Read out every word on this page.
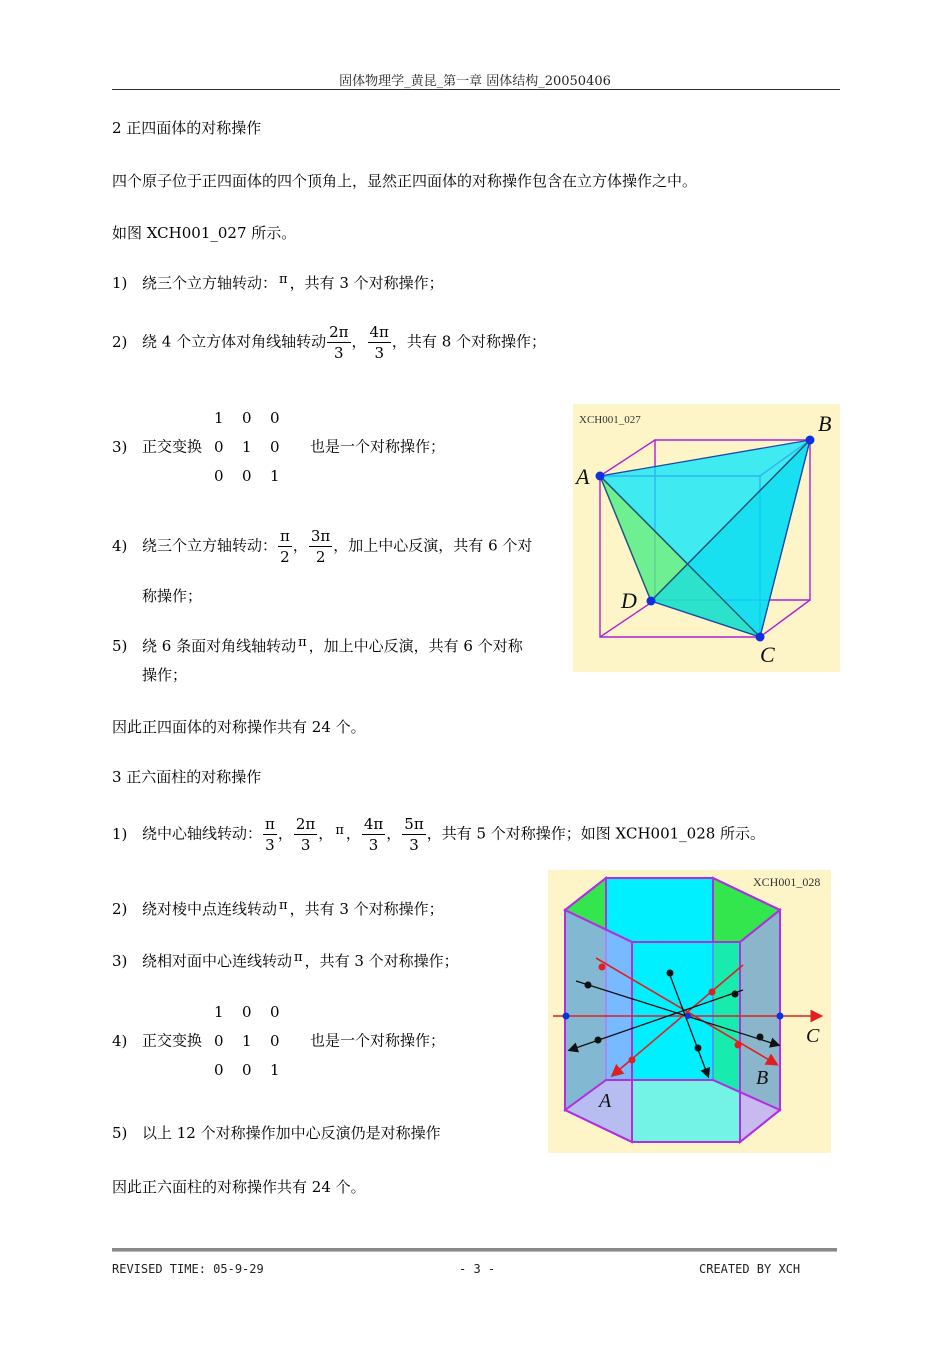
固体物理学_黄昆_第一章 固体结构_20050406
2 正四面体的对称操作
四个原子位于正四面体的四个顶角上，显然正四面体的对称操作包含在立方体操作之中。
如图 XCH001_027 所示。
1) 绕三个立方轴转动： π ，共有 3 个对称操作；
2) 绕 4 个立方体对角线轴转动 $\frac{2\pi}{3}$ ， $\frac{4\pi}{3}$ ，共有 8 个对称操作；
3) 正交变换
1 0 0
0 1 0
0 0 1
也是一个对称操作；
4) 绕三个立方轴转动： $\frac{\pi}{2}$ ， $\frac{3\pi}{2}$ ，加上中心反演，共有 6 个对
称操作；
5) 绕 6 条面对角线轴转动 π ，加上中心反演，共有 6 个对称
操作；
因此正四面体的对称操作共有 24 个。
XCH001_027
A
B
C
D
3 正六面柱的对称操作
1) 绕中心轴线转动： $\frac{\pi}{3}$ ， $\frac{2\pi}{3}$ ， π ， $\frac{4\pi}{3}$ ， $\frac{5\pi}{3}$ ，共有 5 个对称操作；如图 XCH001_028 所示。
2) 绕对棱中点连线转动 π ，共有 3 个对称操作；
3) 绕相对面中心连线转动 π ，共有 3 个对称操作；
4) 正交变换
1 0 0
0 1 0
0 0 1
也是一个对称操作；
5) 以上 12 个对称操作加中心反演仍是对称操作
因此正六面柱的对称操作共有 24 个。
XCH001_028
A
B
C
REVISED TIME: 05-9-29	- 3 -	CREATED BY XCH
